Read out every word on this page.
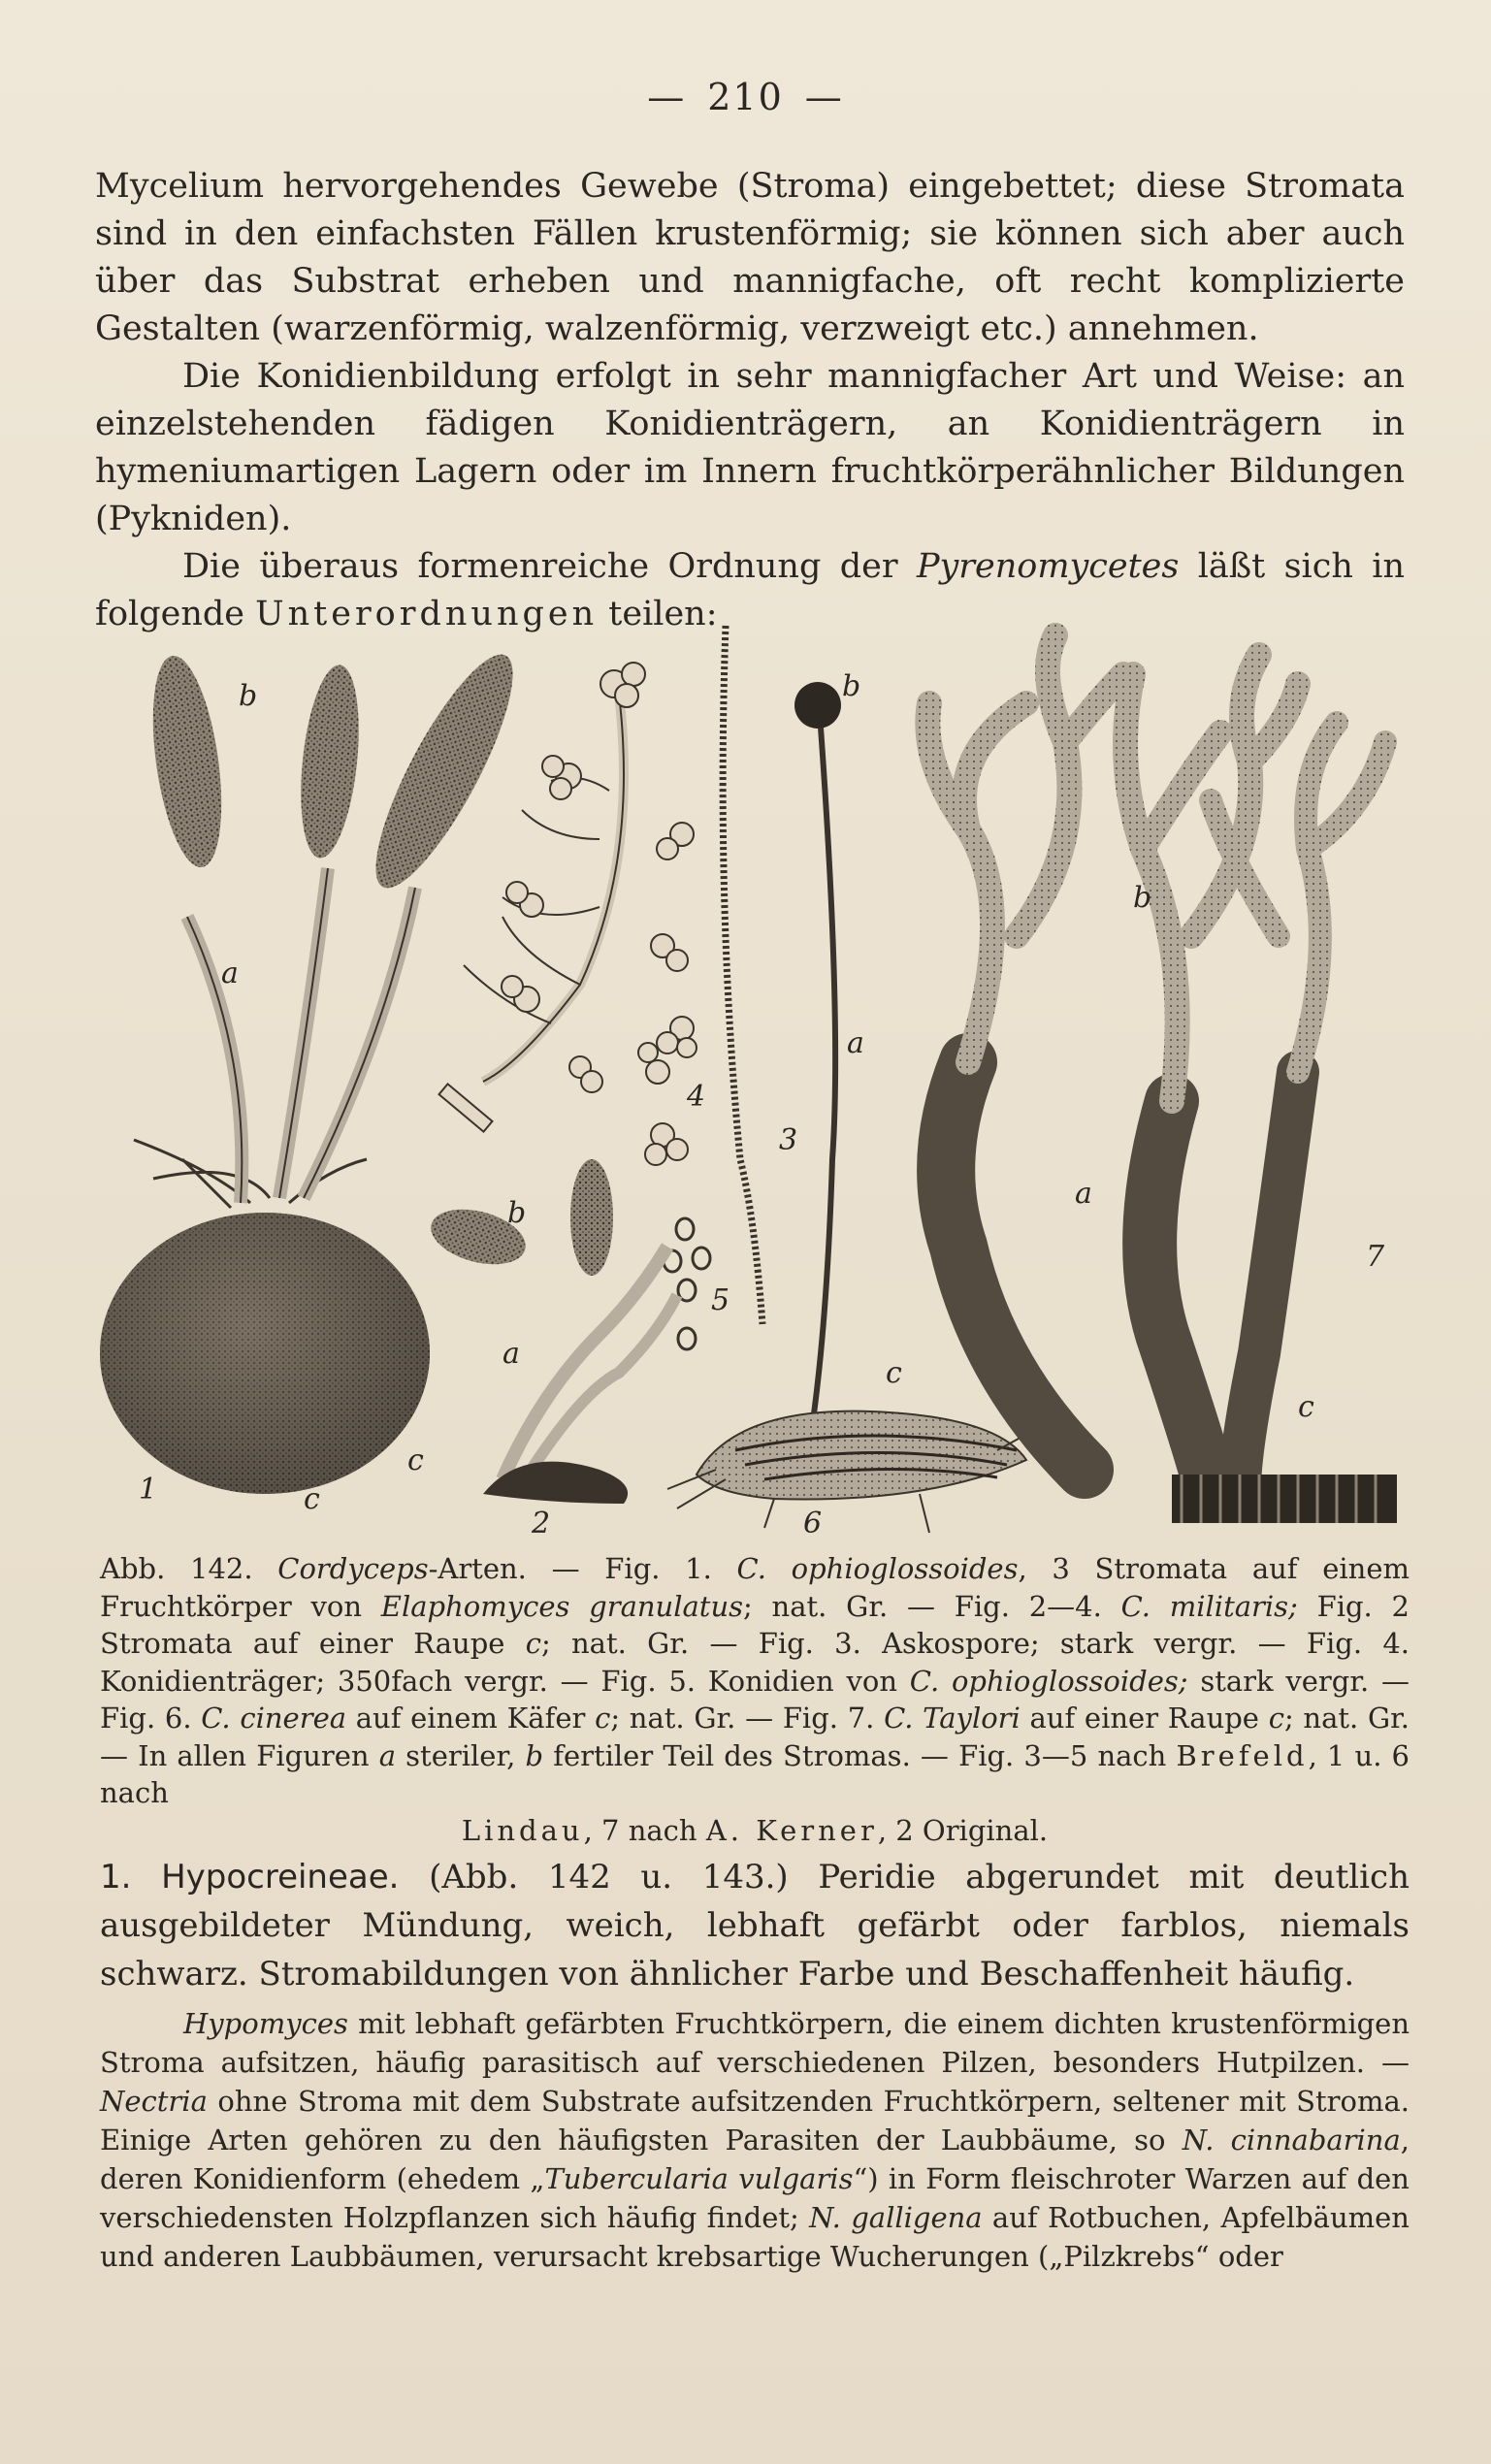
— 210 —

Mycelium hervorgehendes Gewebe (Stroma) eingebettet; diese Stromata sind in den einfachsten Fällen krustenförmig; sie können sich aber auch über das Substrat erheben und mannigfache, oft recht komplizierte Gestalten (warzenförmig, walzenförmig, verzweigt etc.) annehmen.

Die Konidienbildung erfolgt in sehr mannigfacher Art und Weise: an einzelstehenden fädigen Konidienträgern, an Konidienträgern in hymeniumartigen Lagern oder im Innern fruchtkörperähnlicher Bildungen (Pykniden).

Die überaus formenreiche Ordnung der Pyrenomycetes läßt sich in folgende Unterordnungen teilen:

b
a
1	c
4
3
5
b
a
c
2
b
a
c
6
b
a
7
c
Abb. 142. Cordyceps-Arten. — Fig. 1. C. ophioglossoides, 3 Stromata auf einem Fruchtkörper von Elaphomyces granulatus; nat. Gr. — Fig. 2—4. C. militaris; Fig. 2 Stromata auf einer Raupe c; nat. Gr. — Fig. 3. Askospore; stark vergr. — Fig. 4. Konidienträger; 350fach vergr. — Fig. 5. Konidien von C. ophioglossoides; stark vergr. — Fig. 6. C. cinerea auf einem Käfer c; nat. Gr. — Fig. 7. C. Taylori auf einer Raupe c; nat. Gr. — In allen Figuren a steriler, b fertiler Teil des Stromas. — Fig. 3—5 nach Brefeld, 1 u. 6 nach
Lindau, 7 nach A. Kerner, 2 Original.
1. Hypocreineae. (Abb. 142 u. 143.) Peridie abgerundet mit deutlich ausgebildeter Mündung, weich, lebhaft gefärbt oder farblos, niemals schwarz. Stromabildungen von ähnlicher Farbe und Beschaffenheit häufig.
Hypomyces mit lebhaft gefärbten Fruchtkörpern, die einem dichten krustenförmigen Stroma aufsitzen, häufig parasitisch auf verschiedenen Pilzen, besonders Hutpilzen. — Nectria ohne Stroma mit dem Substrate aufsitzenden Fruchtkörpern, seltener mit Stroma. Einige Arten gehören zu den häufigsten Parasiten der Laubbäume, so N. cinnabarina, deren Konidienform (ehedem „Tubercularia vulgaris“) in Form fleischroter Warzen auf den verschiedensten Holzpflanzen sich häufig findet; N. galligena auf Rotbuchen, Apfelbäumen und anderen Laubbäumen, verursacht krebsartige Wucherungen („Pilzkrebs“ oder
